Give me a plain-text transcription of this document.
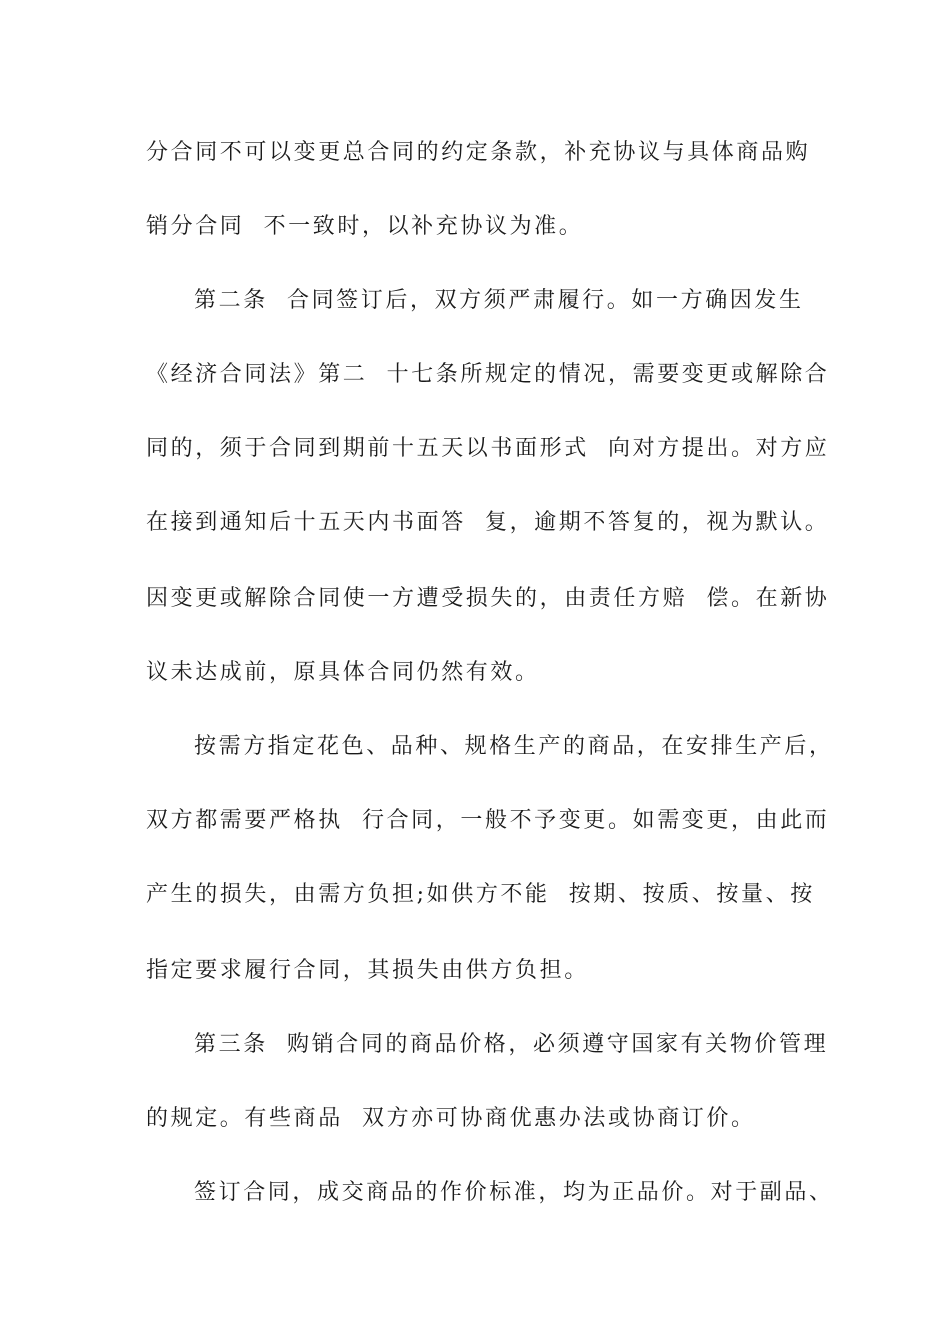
分合同不可以变更总合同的约定条款，补充协议与具体商品购
销分合同  不一致时，以补充协议为准。
第二条  合同签订后，双方须严肃履行。如一方确因发生
《经济合同法》第二  十七条所规定的情况，需要变更或解除合
同的，须于合同到期前十五天以书面形式  向对方提出。对方应
在接到通知后十五天内书面答  复，逾期不答复的，视为默认。
因变更或解除合同使一方遭受损失的，由责任方赔  偿。在新协
议未达成前，原具体合同仍然有效。
按需方指定花色、品种、规格生产的商品，在安排生产后，
双方都需要严格执  行合同，一般不予变更。如需变更，由此而
产生的损失，由需方负担;如供方不能  按期、按质、按量、按
指定要求履行合同，其损失由供方负担。
第三条  购销合同的商品价格，必须遵守国家有关物价管理
的规定。有些商品  双方亦可协商优惠办法或协商订价。
签订合同，成交商品的作价标准，均为正品价。对于副品、
